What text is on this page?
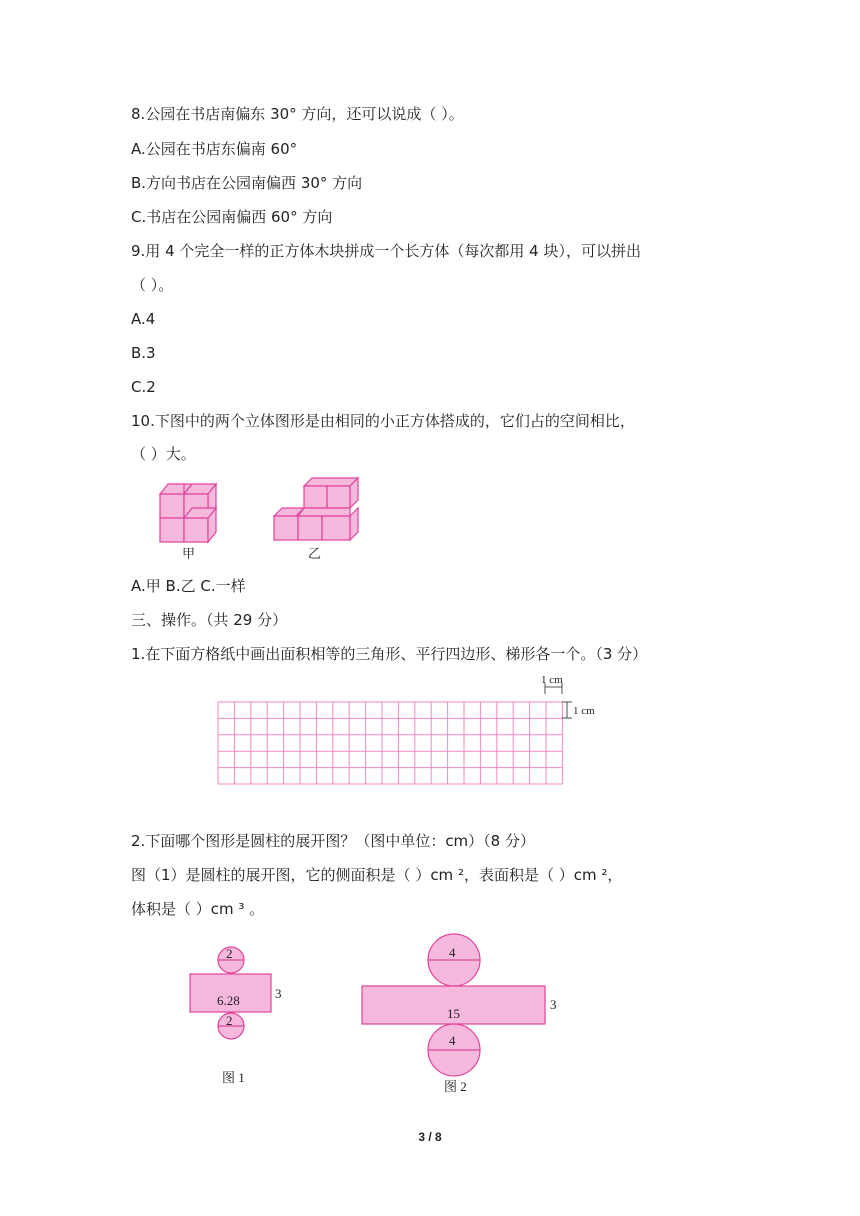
8.公园在书店南偏东 30° 方向，还可以说成（ ）。
A.公园在书店东偏南 60°
B.方向书店在公园南偏西 30° 方向
C.书店在公园南偏西 60° 方向
9.用 4 个完全一样的正方体木块拼成一个长方体（每次都用 4 块），可以拼出
（ ）。
A.4
B.3
C.2
10.下图中的两个立体图形是由相同的小正方体搭成的，它们占的空间相比，
（ ）大。
甲	乙
A.甲 B.乙 C.一样
三、操作。（共 29 分）
1.在下面方格纸中画出面积相等的三角形、平行四边形、梯形各一个。（3 分）
1 cm
1 cm
2.下面哪个图形是圆柱的展开图？（图中单位：cm）（8 分）
图（1）是圆柱的展开图，它的侧面积是（ ）cm ²，表面积是（ ）cm ²，
体积是（ ）cm ³ 。
2
6.28	3
2
图 1
4
15
3
4
图 2
3 / 8
